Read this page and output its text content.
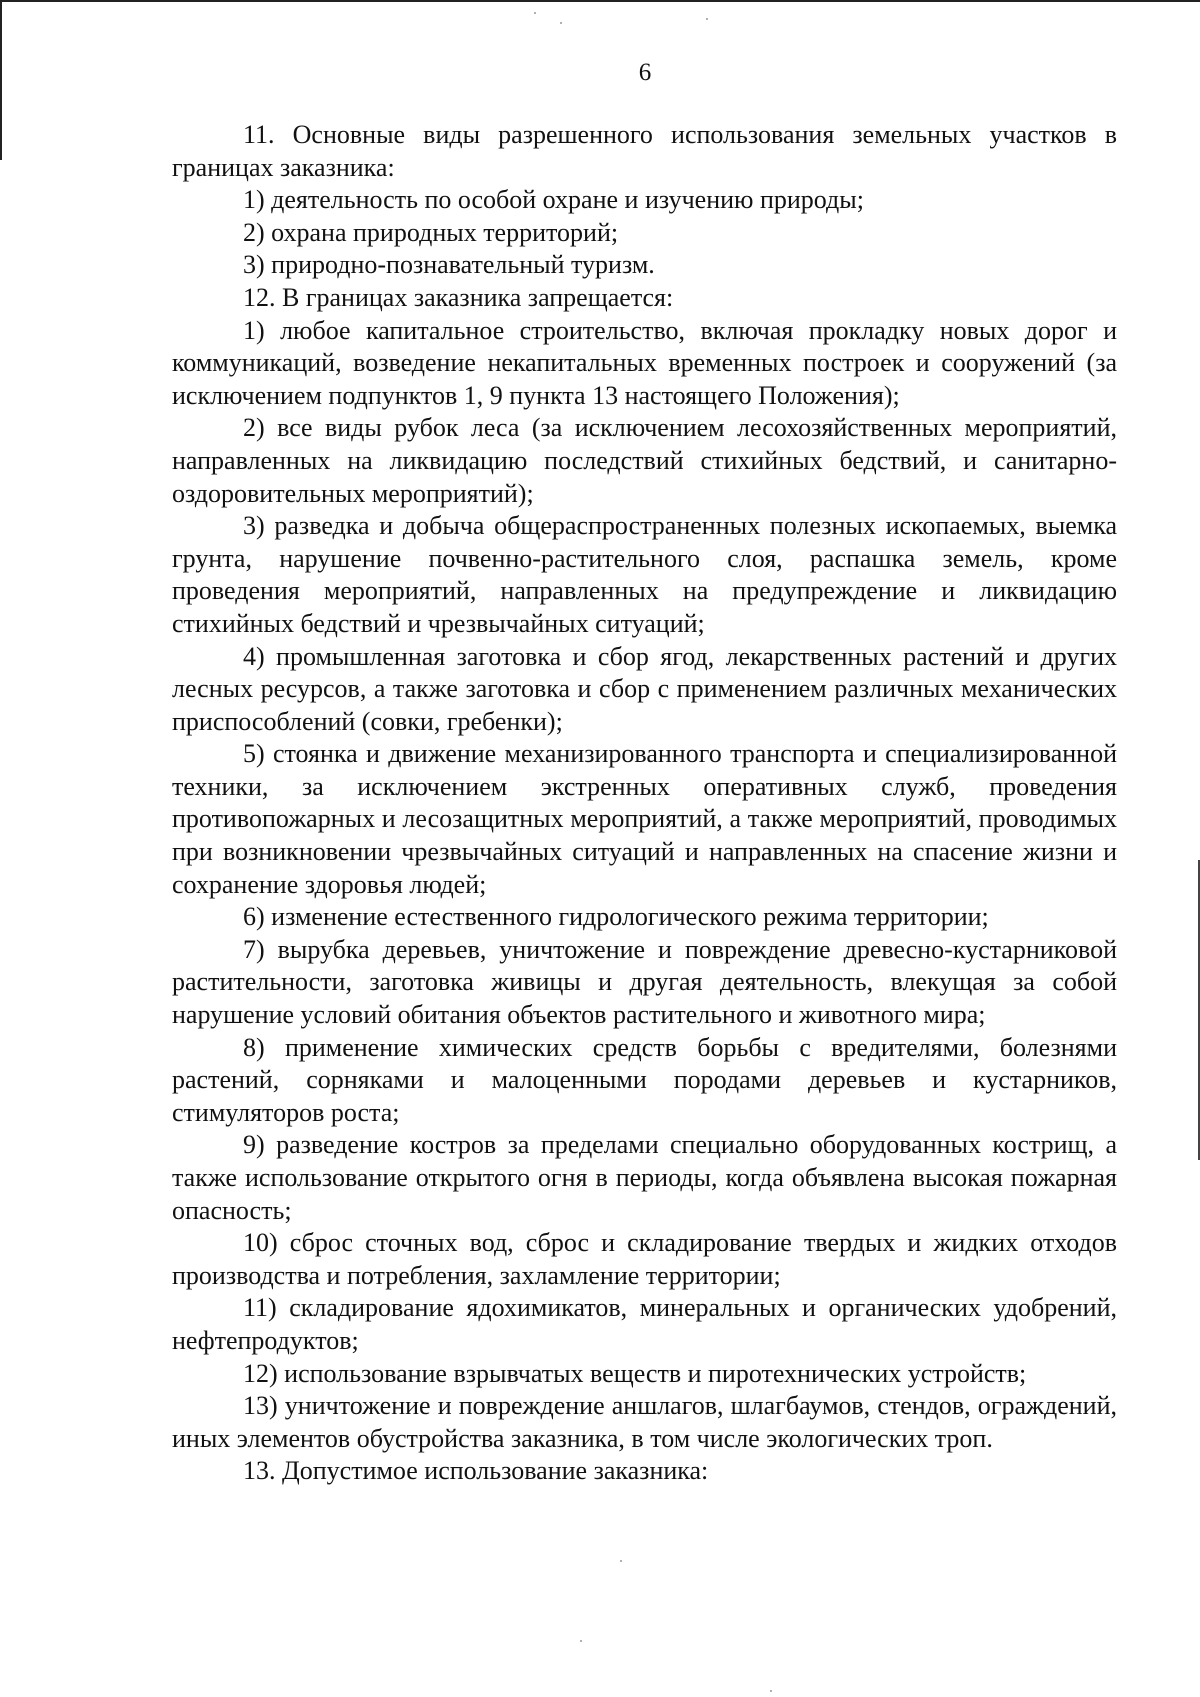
6

11. Основные виды разрешенного использования земельных участков в границах заказника:

1) деятельность по особой охране и изучению природы;

2) охрана природных территорий;

3) природно-познавательный туризм.

12. В границах заказника запрещается:

1) любое капитальное строительство, включая прокладку новых дорог и коммуникаций, возведение некапитальных временных построек и сооружений (за исключением подпунктов 1, 9 пункта 13 настоящего Положения);

2) все виды рубок леса (за исключением лесохозяйственных мероприятий, направленных на ликвидацию последствий стихийных бедствий, и санитарно-оздоровительных мероприятий);

3) разведка и добыча общераспространенных полезных ископаемых, выемка грунта, нарушение почвенно-растительного слоя, распашка земель, кроме проведения мероприятий, направленных на предупреждение и ликвидацию стихийных бедствий и чрезвычайных ситуаций;

4) промышленная заготовка и сбор ягод, лекарственных растений и других лесных ресурсов, а также заготовка и сбор с применением различных механических приспособлений (совки, гребенки);

5) стоянка и движение механизированного транспорта и специализированной техники, за исключением экстренных оперативных служб, проведения противопожарных и лесозащитных мероприятий, а также мероприятий, проводимых при возникновении чрезвычайных ситуаций и направленных на спасение жизни и сохранение здоровья людей;

6) изменение естественного гидрологического режима территории;

7) вырубка деревьев, уничтожение и повреждение древесно-кустарниковой растительности, заготовка живицы и другая деятельность, влекущая за собой нарушение условий обитания объектов растительного и животного мира;

8) применение химических средств борьбы с вредителями, болезнями растений, сорняками и малоценными породами деревьев и кустарников, стимуляторов роста;

9) разведение костров за пределами специально оборудованных кострищ, а также использование открытого огня в периоды, когда объявлена высокая пожарная опасность;

10) сброс сточных вод, сброс и складирование твердых и жидких отходов производства и потребления, захламление территории;

11) складирование ядохимикатов, минеральных и органических удобрений, нефтепродуктов;

12) использование взрывчатых веществ и пиротехнических устройств;

13) уничтожение и повреждение аншлагов, шлагбаумов, стендов, ограждений, иных элементов обустройства заказника, в том числе экологических троп.

13. Допустимое использование заказника:
